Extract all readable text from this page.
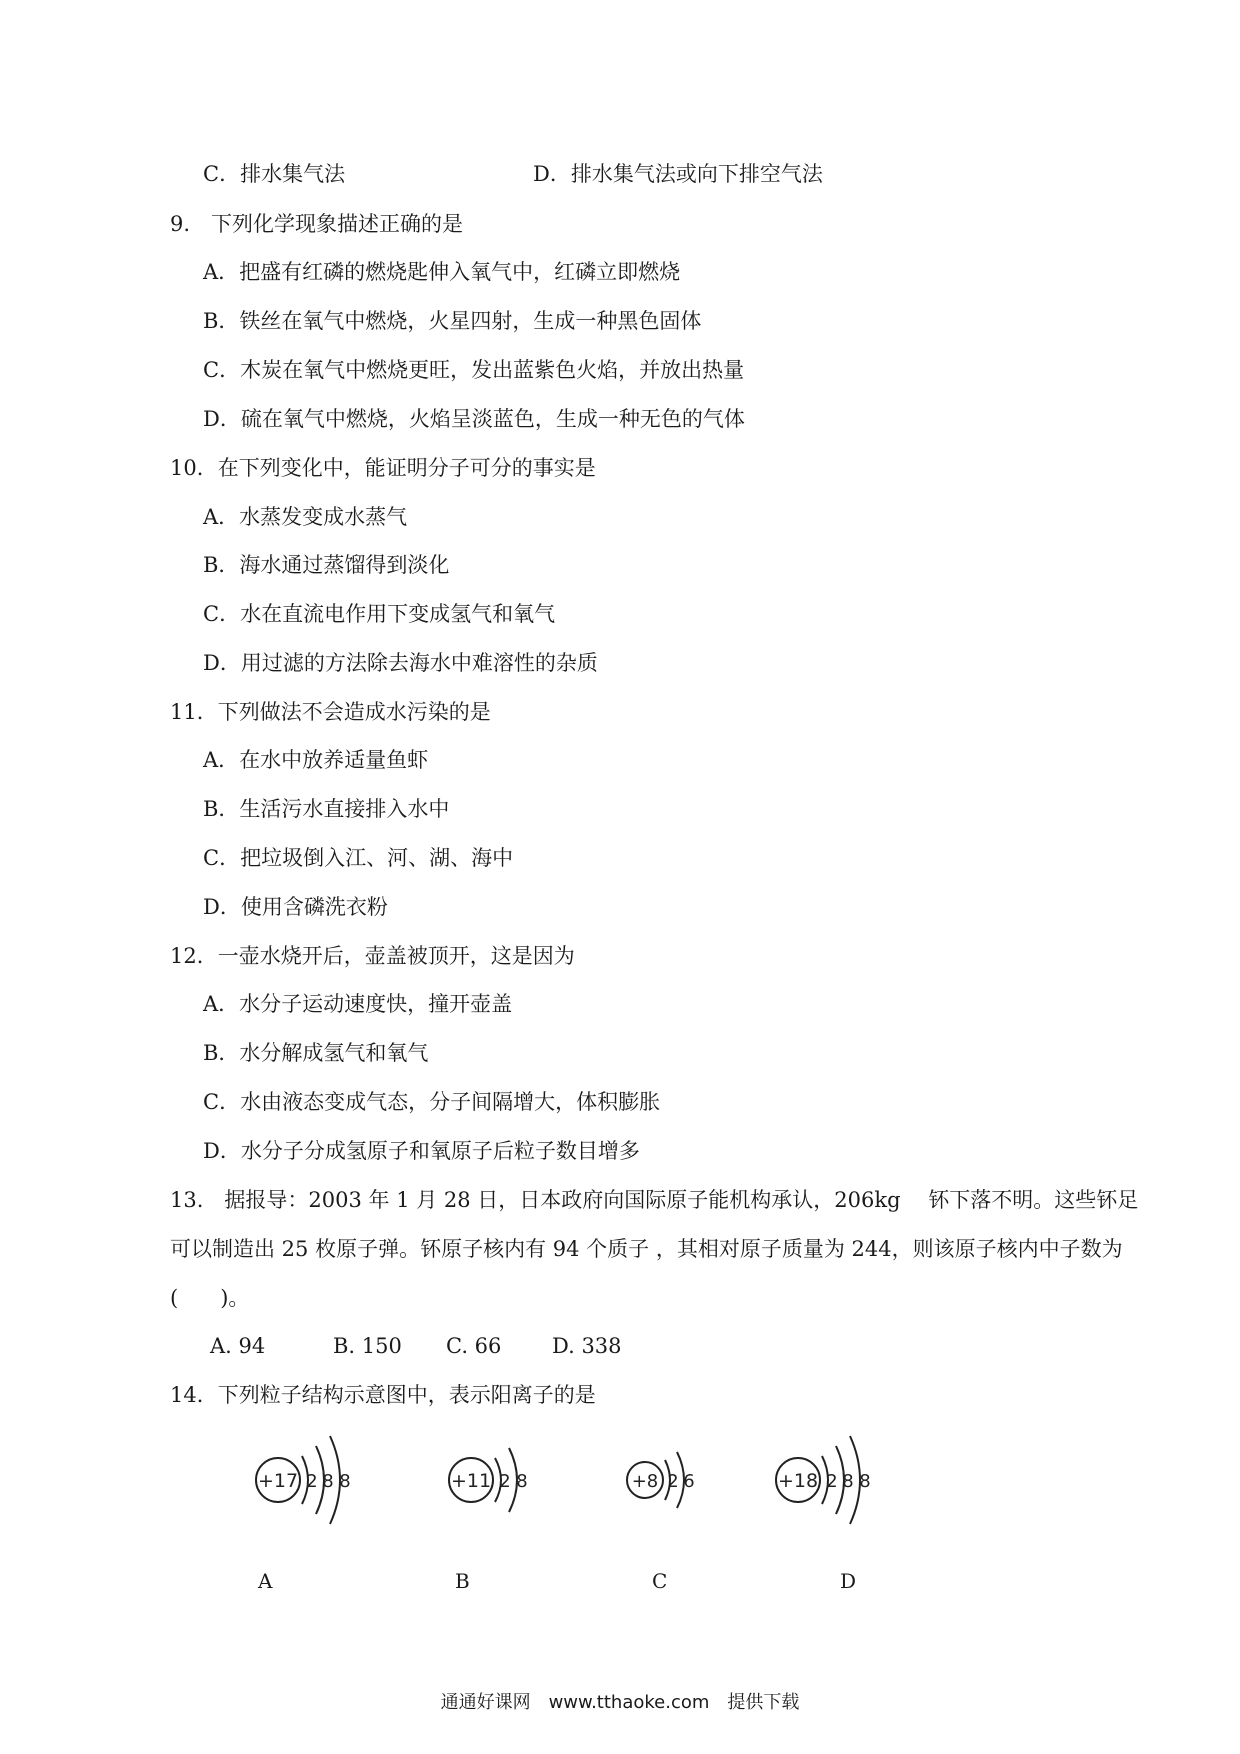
C．排水集气法	D．排水集气法或向下排空气法
9.　下列化学现象描述正确的是
A．把盛有红磷的燃烧匙伸入氧气中，红磷立即燃烧
B．铁丝在氧气中燃烧，火星四射，生成一种黑色固体
C．木炭在氧气中燃烧更旺，发出蓝紫色火焰，并放出热量
D．硫在氧气中燃烧，火焰呈淡蓝色，生成一种无色的气体
10．在下列变化中，能证明分子可分的事实是
A．水蒸发变成水蒸气
B．海水通过蒸馏得到淡化
C．水在直流电作用下变成氢气和氧气
D．用过滤的方法除去海水中难溶性的杂质
11．下列做法不会造成水污染的是
A．在水中放养适量鱼虾
B．生活污水直接排入水中
C．把垃圾倒入江、河、湖、海中
D．使用含磷洗衣粉
12．一壶水烧开后，壶盖被顶开，这是因为
A．水分子运动速度快，撞开壶盖
B．水分解成氢气和氧气
C．水由液态变成气态，分子间隔增大，体积膨胀
D．水分子分成氢原子和氧原子后粒子数目增多
13.　据报导：2003 年 1 月 28 日，日本政府向国际原子能机构承认，206kg　 钚下落不明。这些钚足
可以制造出 25 枚原子弹。钚原子核内有 94 个质子 ，其相对原子质量为 244，则该原子核内中子数为
(　　)。
A. 94	B. 150 C. 66 D. 338
14．下列粒子结构示意图中，表示阳离子的是
+17 2 8 8	+11 2 8	+8 2 6	+18 2 8 8
A	B	C	D
通通好课网　www.tthaoke.com　提供下载
